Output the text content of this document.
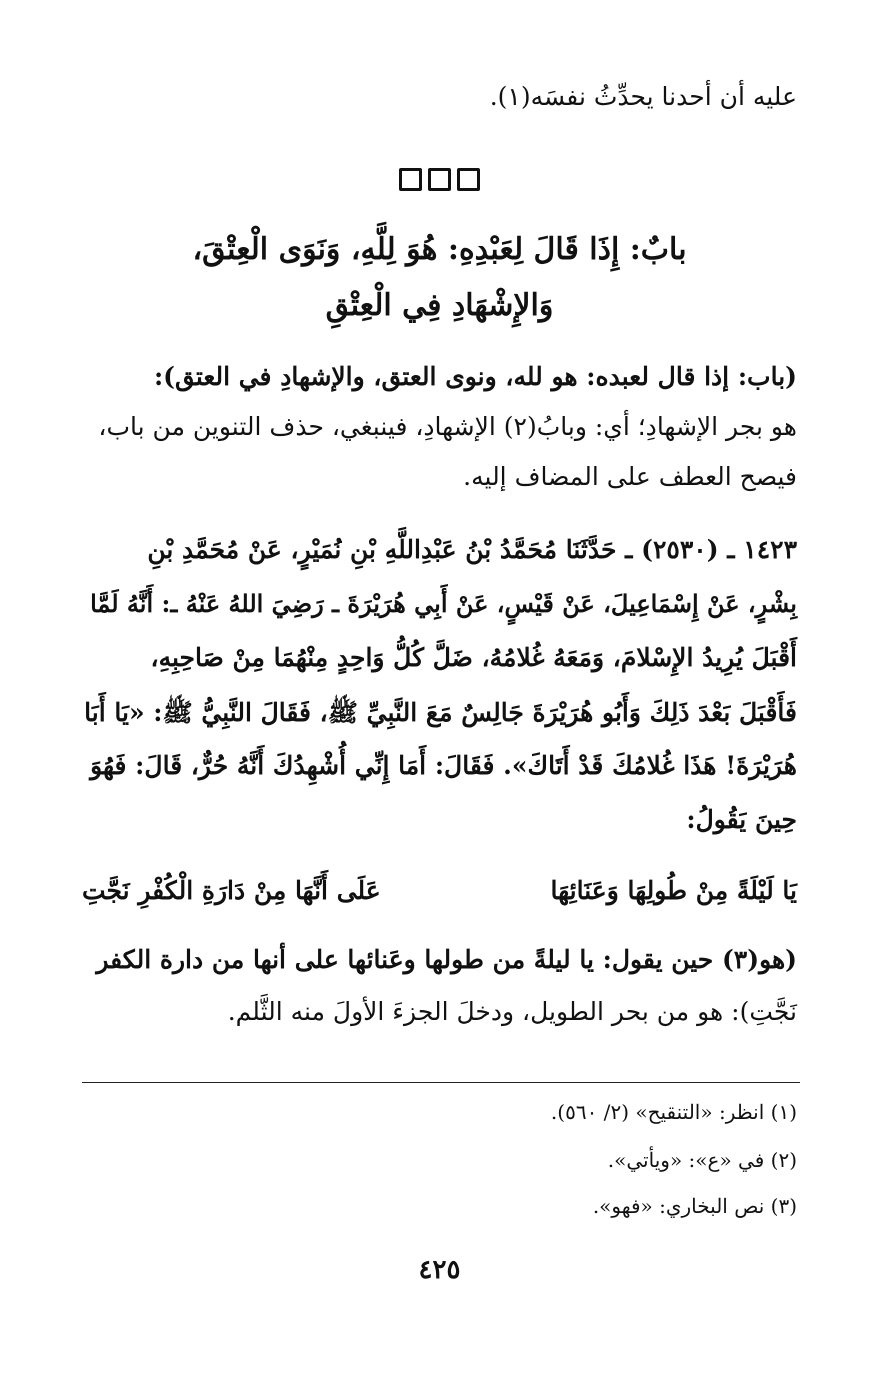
عليه أن أحدنا يحدِّثُ نفسَه(١).
بابٌ: إِذَا قَالَ لِعَبْدِهِ: هُوَ لِلَّهِ، وَنَوَى الْعِتْقَ،
وَالإِشْهَادِ فِي الْعِتْقِ
(باب: إذا قال لعبده: هو لله، ونوى العتق، والإشهادِ في العتق):
هو بجر الإشهادِ؛ أي: وبابُ(٢) الإشهادِ، فينبغي، حذف التنوين من باب،
فيصح العطف على المضاف إليه.
١٤٢٣ ـ (٢٥٣٠) ـ حَدَّثَنَا مُحَمَّدُ بْنُ عَبْدِاللَّهِ بْنِ نُمَيْرٍ، عَنْ مُحَمَّدِ بْنِ
بِشْرٍ، عَنْ إِسْمَاعِيلَ، عَنْ قَيْسٍ، عَنْ أَبِي هُرَيْرَةَ ـ رَضِيَ اللهُ عَنْهُ ـ: أَنَّهُ لَمَّا
أَقْبَلَ يُرِيدُ الإِسْلامَ، وَمَعَهُ غُلامُهُ، ضَلَّ كُلُّ وَاحِدٍ مِنْهُمَا مِنْ صَاحِبِهِ،
فَأَقْبَلَ بَعْدَ ذَلِكَ وَأَبُو هُرَيْرَةَ جَالِسٌ مَعَ النَّبِيِّ ﷺ، فَقَالَ النَّبِيُّ ﷺ: «يَا أَبَا
هُرَيْرَةَ! هَذَا غُلامُكَ قَدْ أَتَاكَ». فَقَالَ: أَمَا إِنِّي أُشْهِدُكَ أَنَّهُ حُرٌّ، قَالَ: فَهُوَ
حِينَ يَقُولُ:
يَا لَيْلَةً مِنْ طُولِهَا وَعَنَائِهَا
عَلَى أَنَّهَا مِنْ دَارَةِ الْكُفْرِ نَجَّتِ
(هو(٣) حين يقول: يا ليلةً من طولها وعَنائها على أنها من دارة الكفر
نَجَّتِ): هو من بحر الطويل، ودخلَ الجزءَ الأولَ منه الثَّلم.
(١) انظر: «التنقيح» (٢/ ٥٦٠).
(٢) في «ع»: «ويأتي».
(٣) نص البخاري: «فهو».
٤٢٥
